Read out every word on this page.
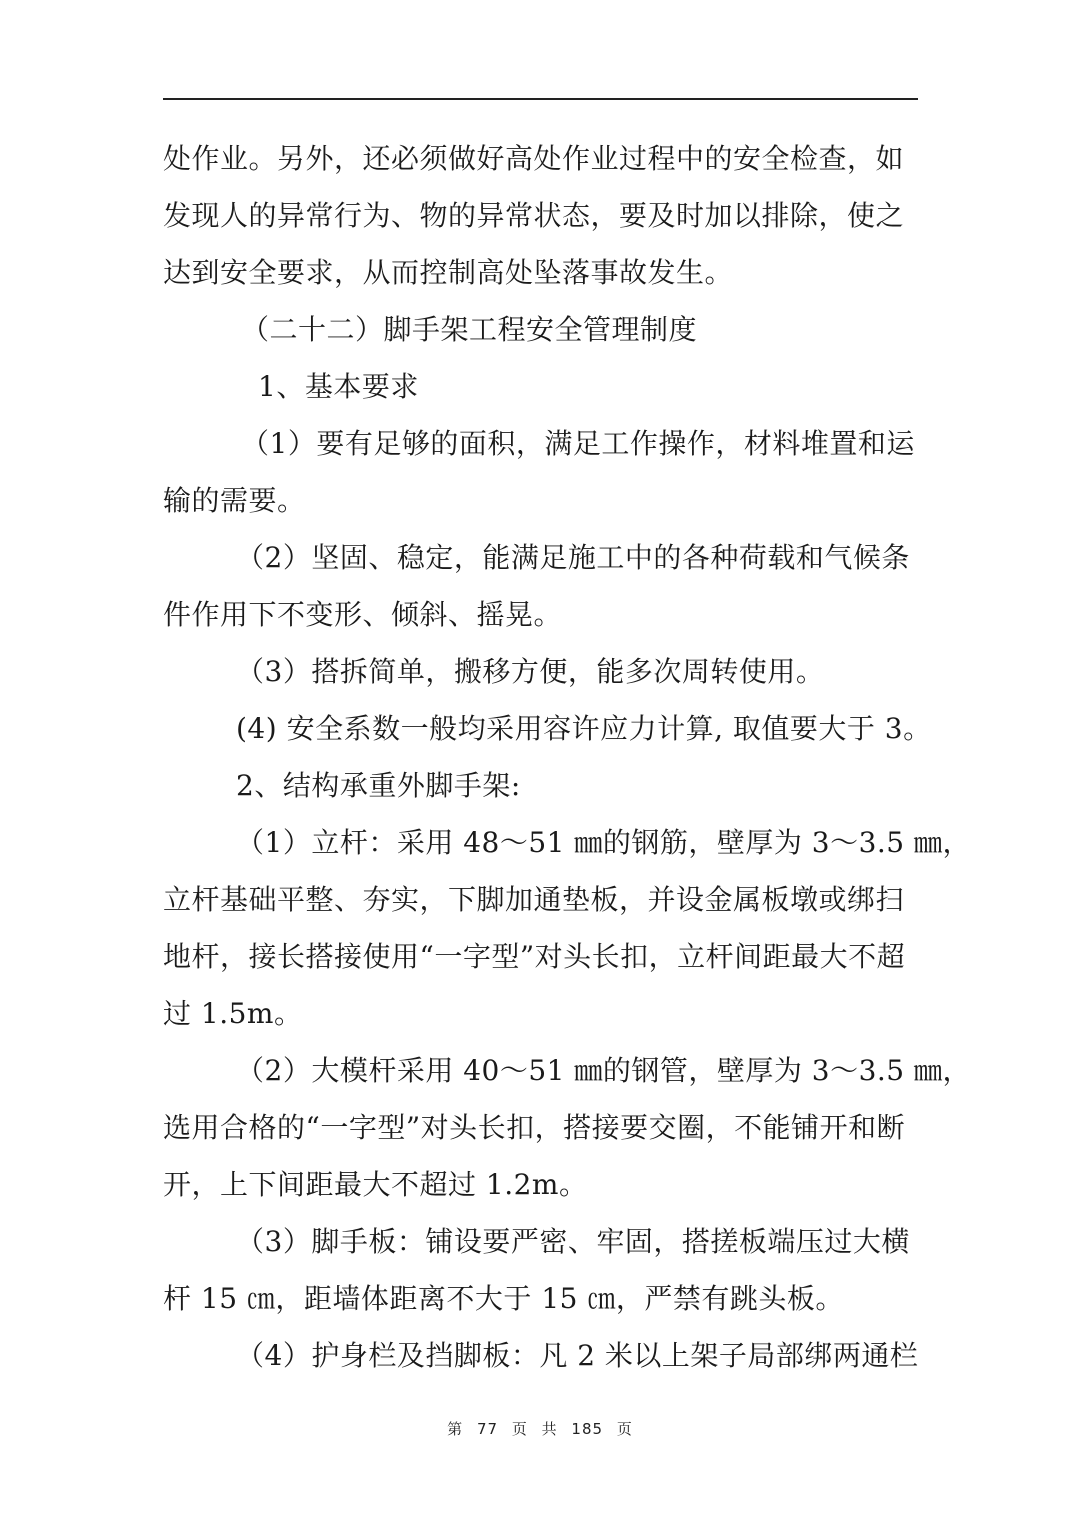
处作业。另外，还必须做好高处作业过程中的安全检查，如

发现人的异常行为、物的异常状态，要及时加以排除，使之

达到安全要求，从而控制高处坠落事故发生。

（二十二）脚手架工程安全管理制度

1、基本要求

（1）要有足够的面积，满足工作操作，材料堆置和运

输的需要。

（2）坚固、稳定，能满足施工中的各种荷载和气候条

件作用下不变形、倾斜、摇晃。

（3）搭拆简单，搬移方便，能多次周转使用。

(4) 安全系数一般均采用容许应力计算, 取值要大于 3。

2、结构承重外脚手架:

（1）立杆：采用 48～51 ㎜的钢筋，壁厚为 3～3.5 ㎜，

立杆基础平整、夯实，下脚加通垫板，并设金属板墩或绑扫

地杆，接长搭接使用“一字型”对头长扣，立杆间距最大不超

过 1.5m。

（2）大模杆采用 40～51 ㎜的钢管，壁厚为 3～3.5 ㎜，

选用合格的“一字型”对头长扣，搭接要交圈，不能铺开和断

开，上下间距最大不超过 1.2m。

（3）脚手板：铺设要严密、牢固，搭搓板端压过大横

杆 15 ㎝，距墙体距离不大于 15 ㎝，严禁有跳头板。

（4）护身栏及挡脚板：凡 2 米以上架子局部绑两通栏

第 77 页 共 185 页
